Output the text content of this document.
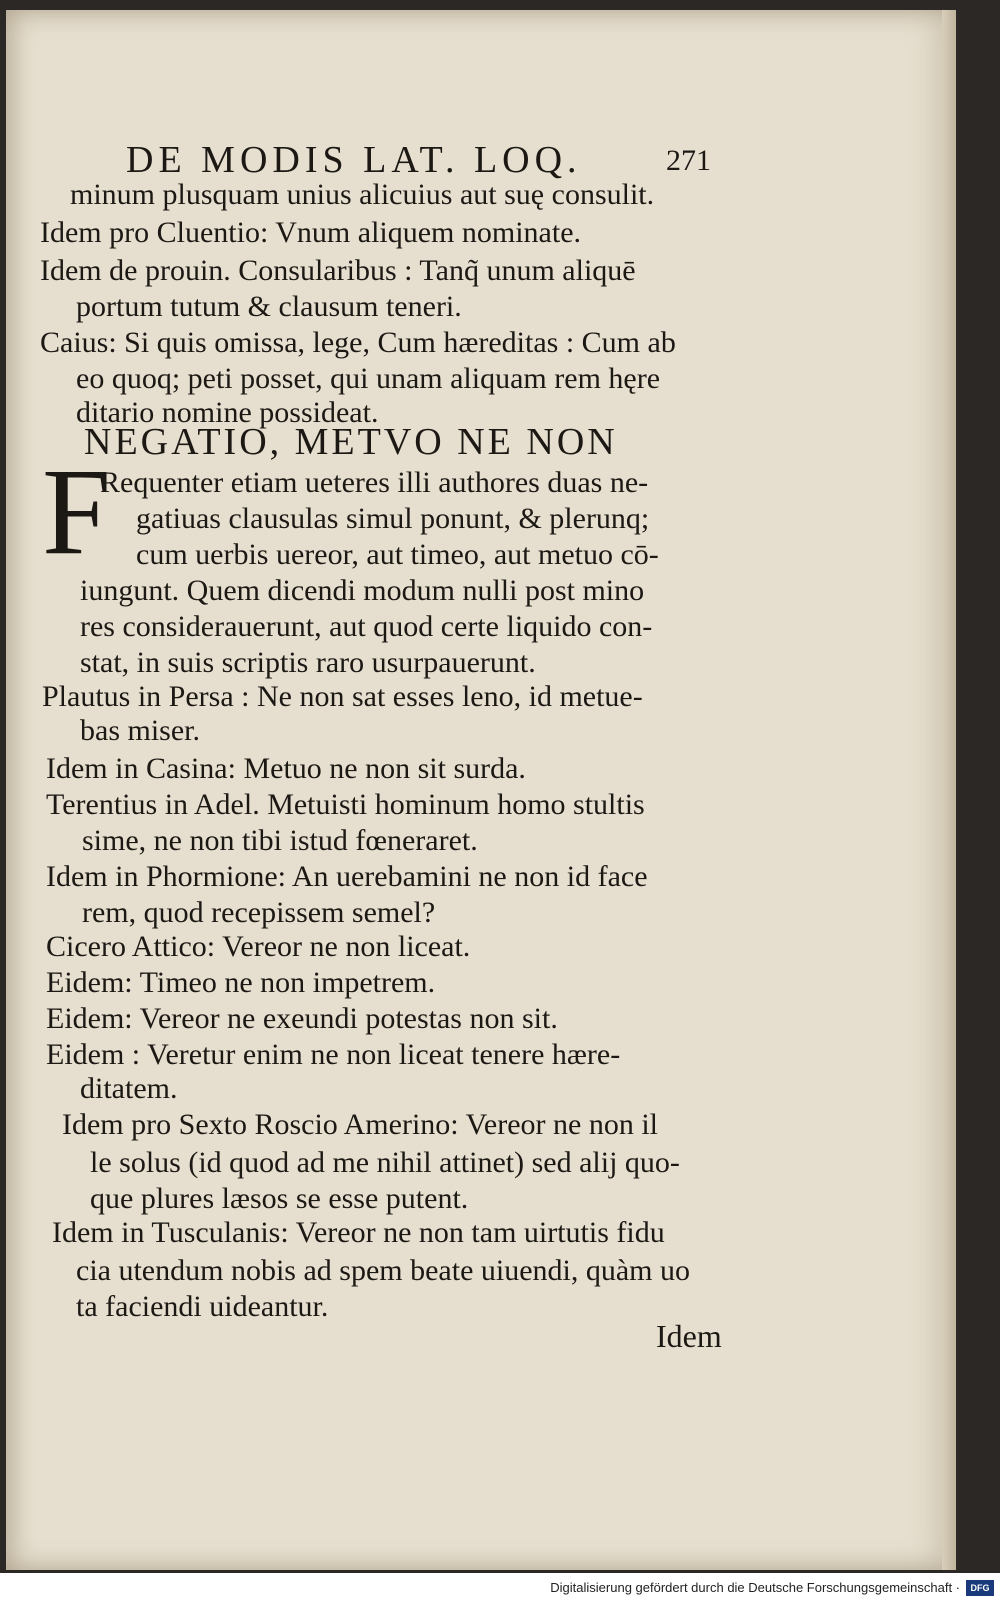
DE MODIS LAT. LOQ.	271
minum plusquam unius alicuius aut suę consulit.
Idem pro Cluentio: Vnum aliquem nominate.
Idem de prouin. Consularibus : Tanq̃ unum aliquē
portum tutum & clausum teneri.
Caius: Si quis omissa, lege, Cum hæreditas : Cum ab
eo quoq; peti posset, qui unam aliquam rem hęre
ditario nomine possideat.
NEGATIO, METVO NE NON
F
Requenter etiam ueteres illi authores duas ne-
gatiuas clausulas simul ponunt, & plerunq;
cum uerbis uereor, aut timeo, aut metuo cō-
iungunt. Quem dicendi modum nulli post mino
res considerauerunt, aut quod certe liquido con-
stat, in suis scriptis raro usurpauerunt.
Plautus in Persa : Ne non sat esses leno, id metue-
bas miser.
Idem in Casina: Metuo ne non sit surda.
Terentius in Adel. Metuisti hominum homo stultis
sime, ne non tibi istud fœneraret.
Idem in Phormione: An uerebamini ne non id face
rem, quod recepissem semel?
Cicero Attico: Vereor ne non liceat.
Eidem: Timeo ne non impetrem.
Eidem: Vereor ne exeundi potestas non sit.
Eidem : Veretur enim ne non liceat tenere hære-
ditatem.
Idem pro Sexto Roscio Amerino: Vereor ne non il
le solus (id quod ad me nihil attinet) sed alij quo-
que plures læsos se esse putent.
Idem in Tusculanis: Vereor ne non tam uirtutis fidu
cia utendum nobis ad spem beate uiuendi, quàm uo
ta faciendi uideantur.
Idem
Digitalisierung gefördert durch die Deutsche Forschungsgemeinschaft ·	DFG
